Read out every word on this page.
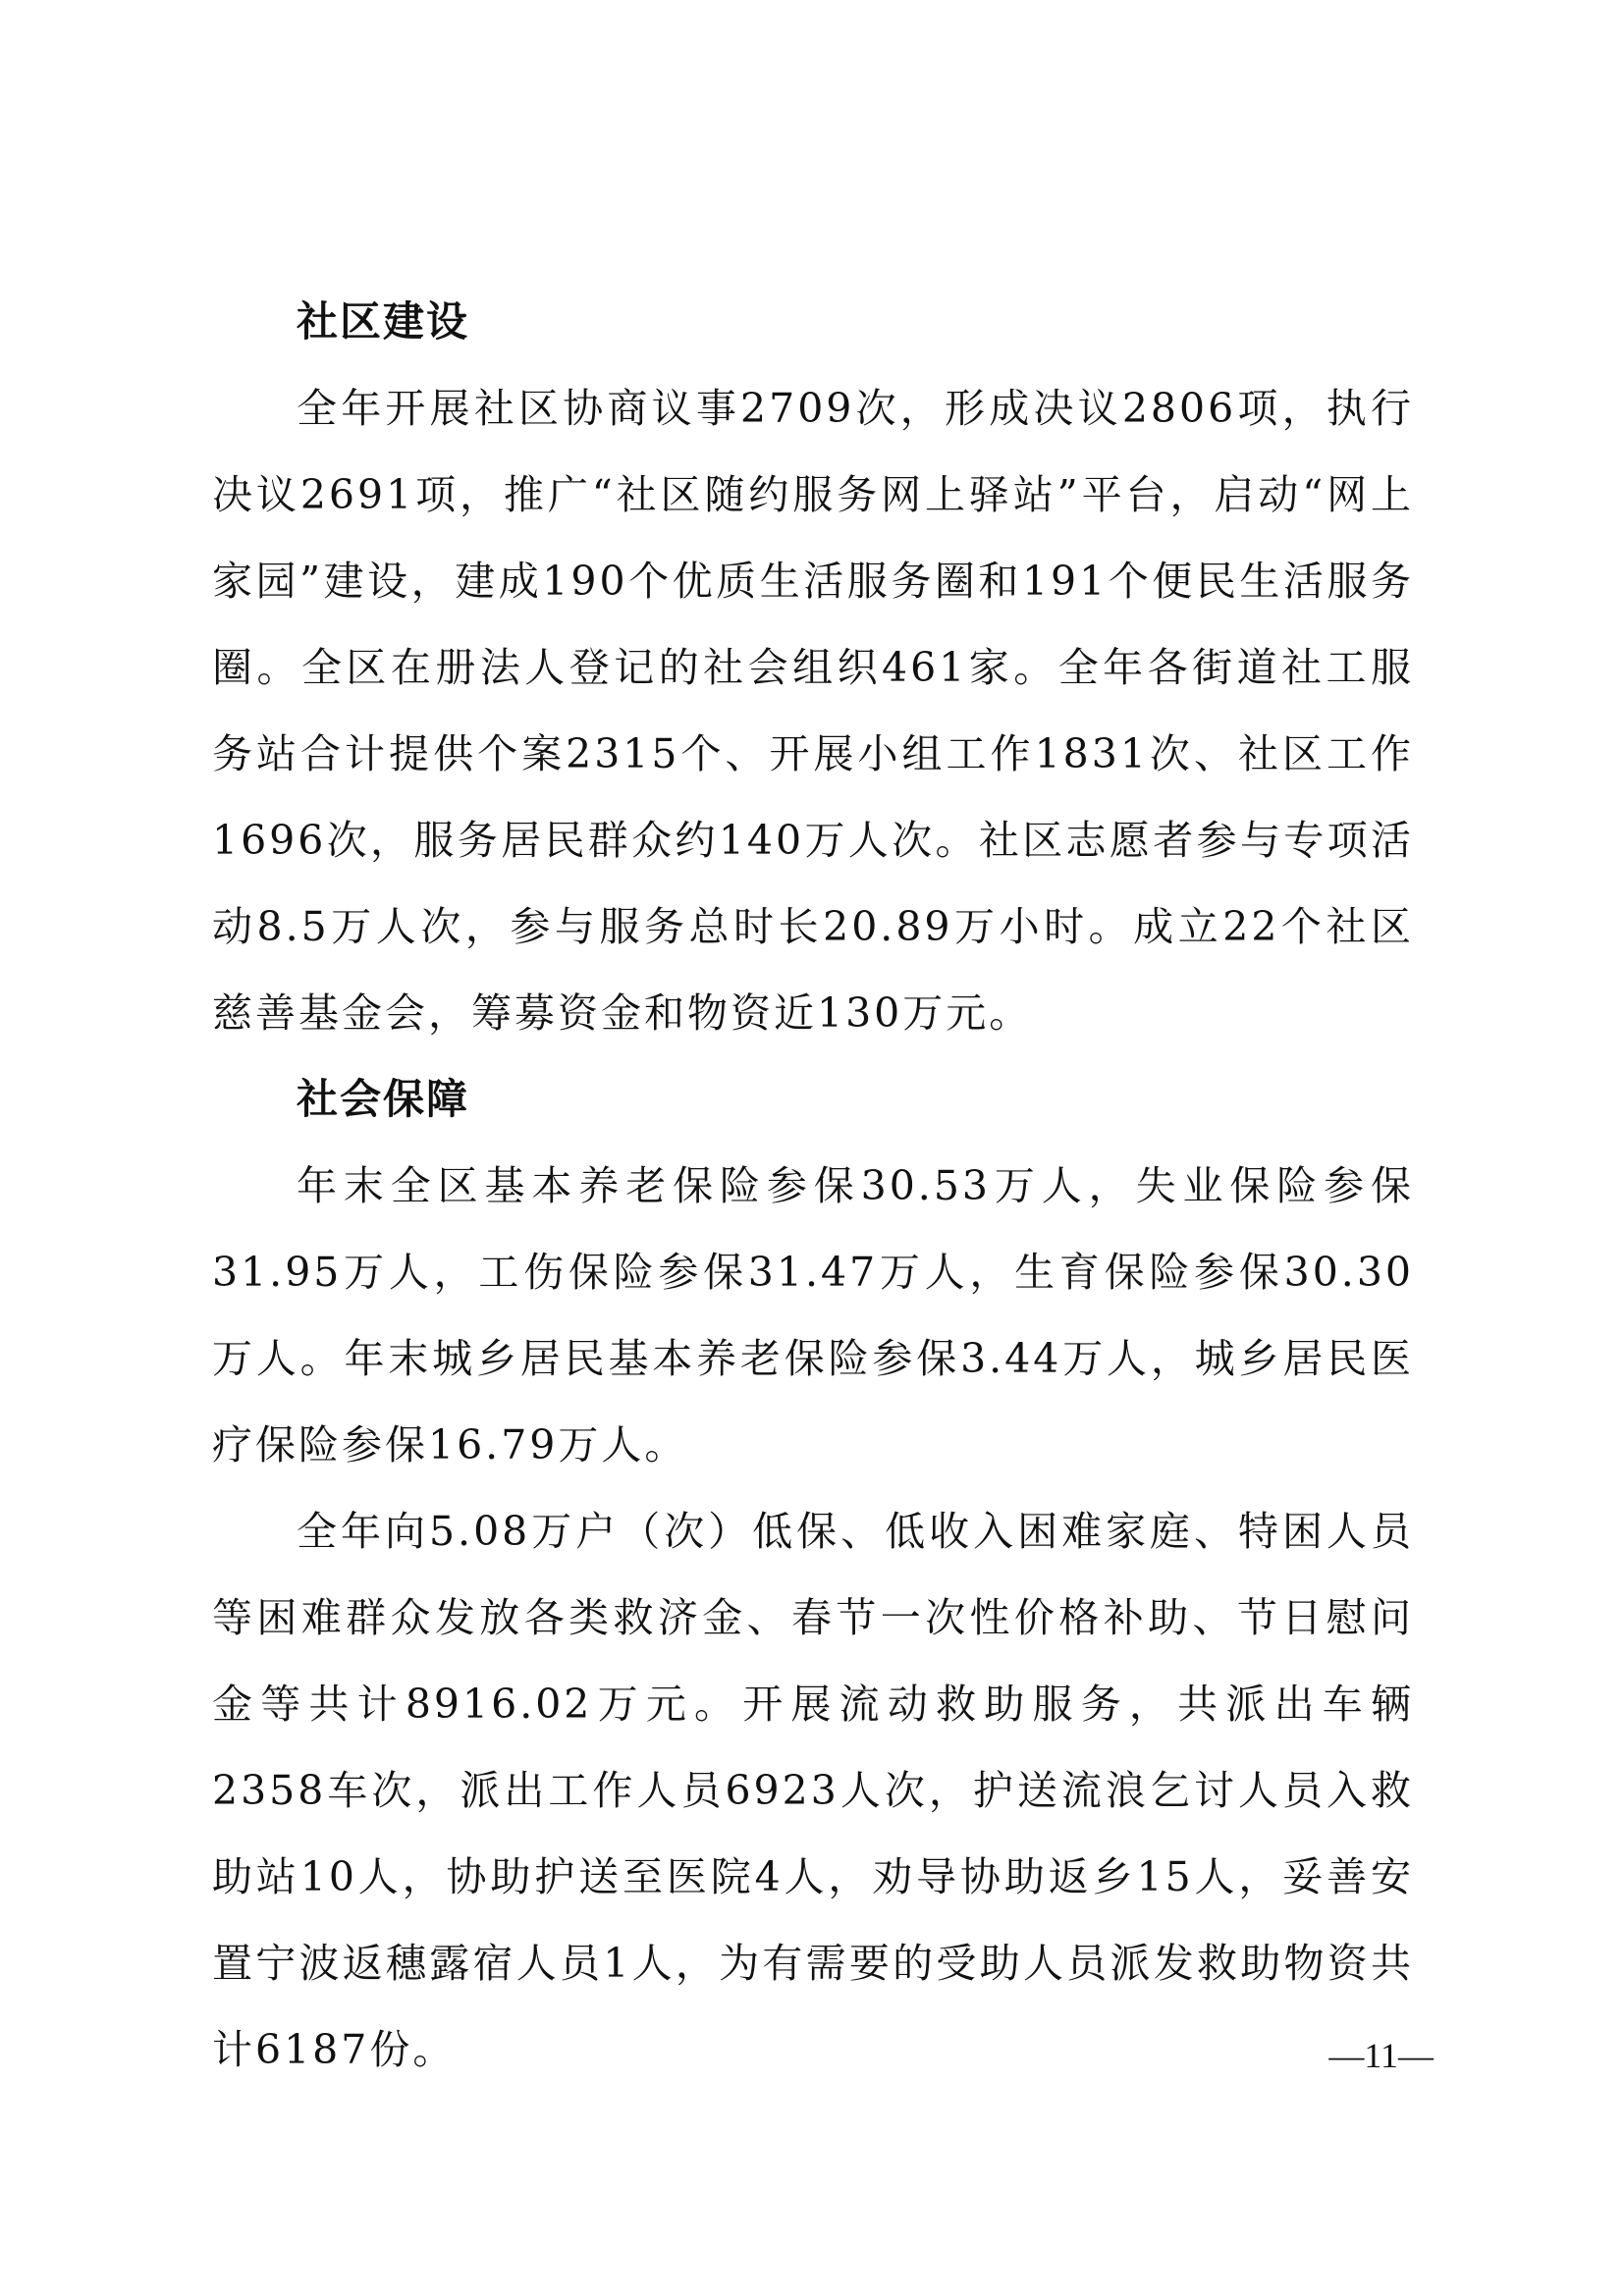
社区建设

全年开展社区协商议事2709次，形成决议2806项，执行决议2691项，推广“社区随约服务网上驿站”平台，启动“网上家园”建设，建成190个优质生活服务圈和191个便民生活服务圈。全区在册法人登记的社会组织461家。全年各街道社工服务站合计提供个案2315个、开展小组工作1831次、社区工作1696次，服务居民群众约140万人次。社区志愿者参与专项活动8.5万人次，参与服务总时长20.89万小时。成立22个社区慈善基金会，筹募资金和物资近130万元。

社会保障

年末全区基本养老保险参保30.53万人，失业保险参保31.95万人，工伤保险参保31.47万人，生育保险参保30.30万人。年末城乡居民基本养老保险参保3.44万人，城乡居民医疗保险参保16.79万人。

全年向5.08万户（次）低保、低收入困难家庭、特困人员等困难群众发放各类救济金、春节一次性价格补助、节日慰问金等共计8916.02万元。开展流动救助服务，共派出车辆2358车次，派出工作人员6923人次，护送流浪乞讨人员入救助站10人，协助护送至医院4人，劝导协助返乡15人，妥善安置宁波返穗露宿人员1人，为有需要的受助人员派发救助物资共计6187份。	—11—
